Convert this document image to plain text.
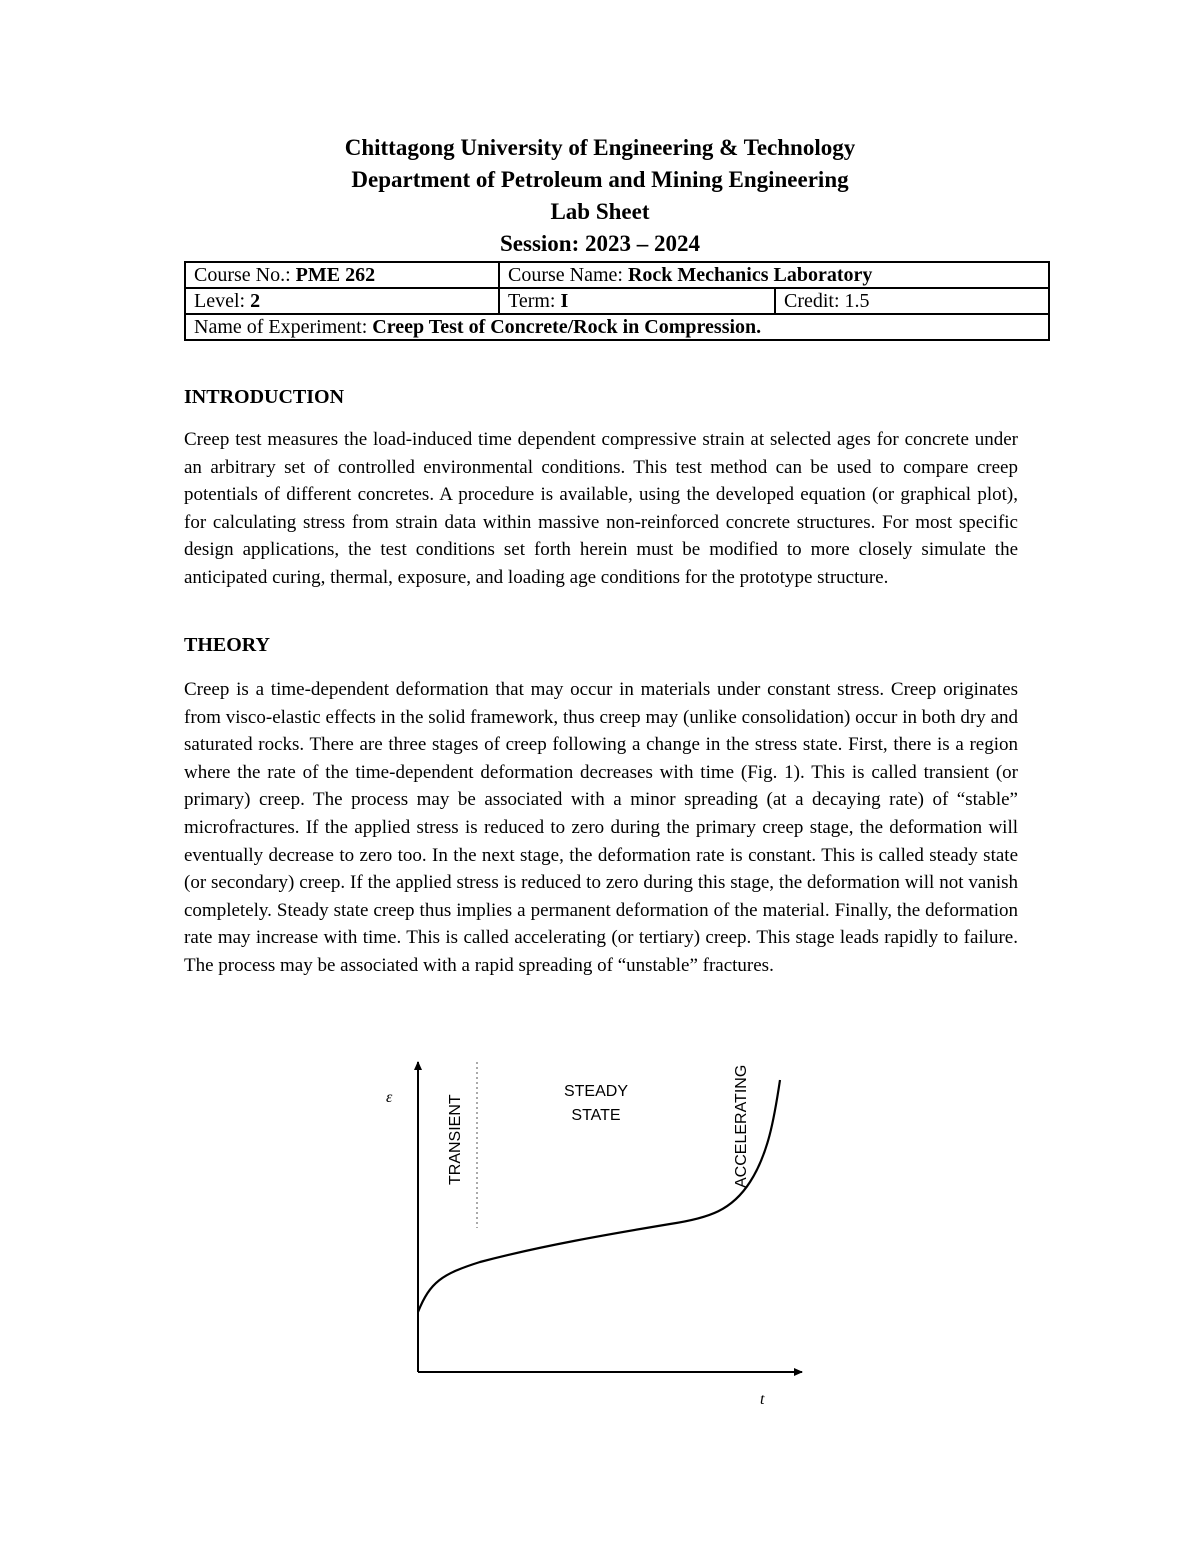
Chittagong University of Engineering & Technology
Department of Petroleum and Mining Engineering
Lab Sheet
Session: 2023 – 2024
Course No.: PME 262	Course Name: Rock Mechanics Laboratory	
Level: 2	Term: I	Credit: 1.5
Name of Experiment: Creep Test of Concrete/Rock in Compression.		
INTRODUCTION

Creep test measures the load-induced time dependent compressive strain at selected ages for concrete under an arbitrary set of controlled environmental conditions. This test method can be used to compare creep potentials of different concretes. A procedure is available, using the developed equation (or graphical plot), for calculating stress from strain data within massive non-reinforced concrete structures. For most specific design applications, the test conditions set forth herein must be modified to more closely simulate the anticipated curing, thermal, exposure, and loading age conditions for the prototype structure.

THEORY

Creep is a time-dependent deformation that may occur in materials under constant stress. Creep originates from visco-elastic effects in the solid framework, thus creep may (unlike consolidation) occur in both dry and saturated rocks. There are three stages of creep following a change in the stress state. First, there is a region where the rate of the time-dependent deformation decreases with time (Fig. 1). This is called transient (or primary) creep. The process may be associated with a minor spreading (at a decaying rate) of “stable” microfractures. If the applied stress is reduced to zero during the primary creep stage, the deformation will eventually decrease to zero too. In the next stage, the deformation rate is constant. This is called steady state (or secondary) creep. If the applied stress is reduced to zero during this stage, the deformation will not vanish completely. Steady state creep thus implies a permanent deformation of the material. Finally, the deformation rate may increase with time. This is called accelerating (or tertiary) creep. This stage leads rapidly to failure. The process may be associated with a rapid spreading of “unstable” fractures.

ε
t
STEADY
STATE
TRANSIENT	ACCELERATING
